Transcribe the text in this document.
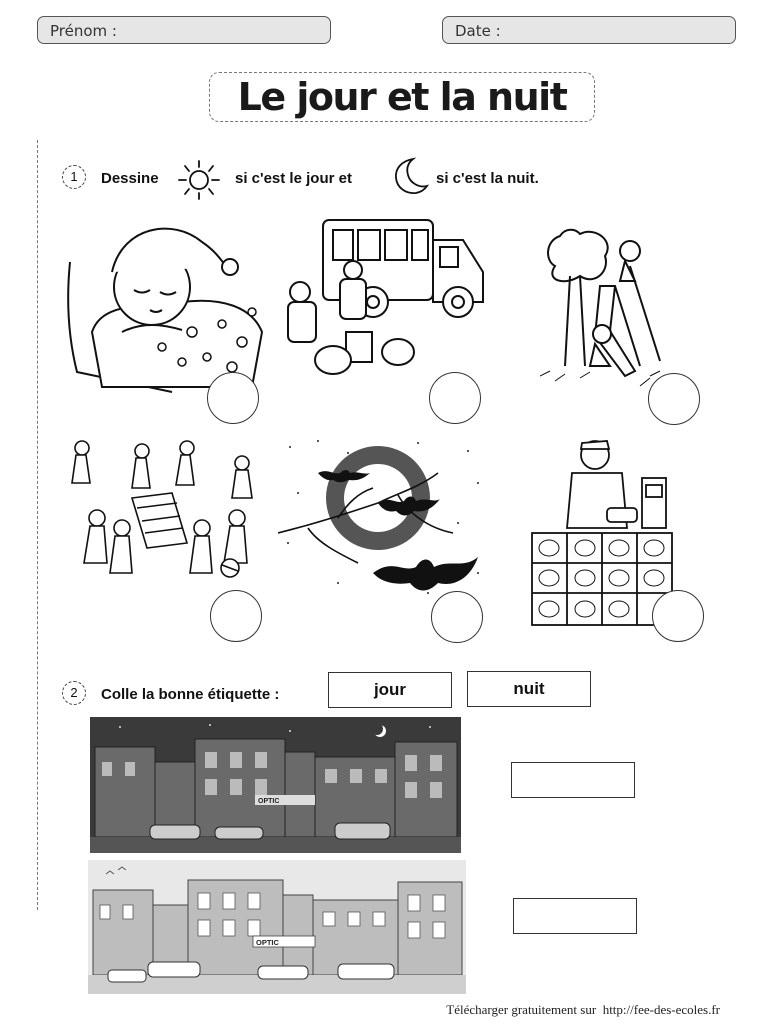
Prénom :	Date :
Le jour et la nuit
1	Dessine	si c'est le jour et	si c'est la nuit.
2	Colle la bonne étiquette :	jour	nuit
OPTIC
OPTIC
Télécharger gratuitement sur http://fee-des-ecoles.fr
